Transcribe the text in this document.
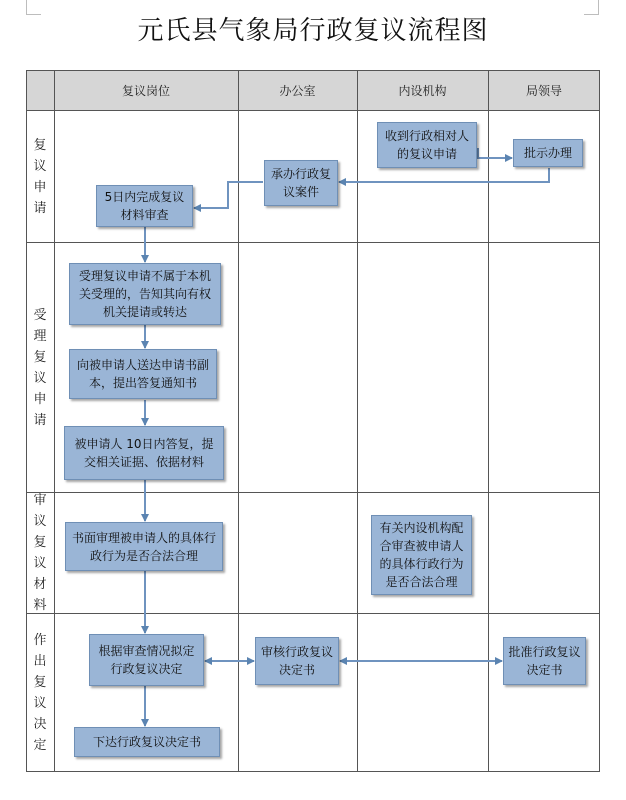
元氏县气象局行政复议流程图
复议岗位	办公室	内设机构	局领导
复
议
申
请
受
理
复
议
申
请
审
议
复
议
材
料
作
出
复
议
决
定
收到行政相对人的复议申请	批示办理
承办行政复议案件
5日内完成复议材料审查
受理复议申请不属于本机关受理的，告知其向有权机关提请或转达
向被申请人送达申请书副本，提出答复通知书
被申请人 10日内答复，提交相关证据、依据材料
书面审理被申请人的具体行政行为是否合法合理
有关内设机构配合审查被申请人的具体行政行为是否合法合理
根据审查情况拟定行政复议决定
审核行政复议决定书
批准行政复议决定书
下达行政复议决定书
